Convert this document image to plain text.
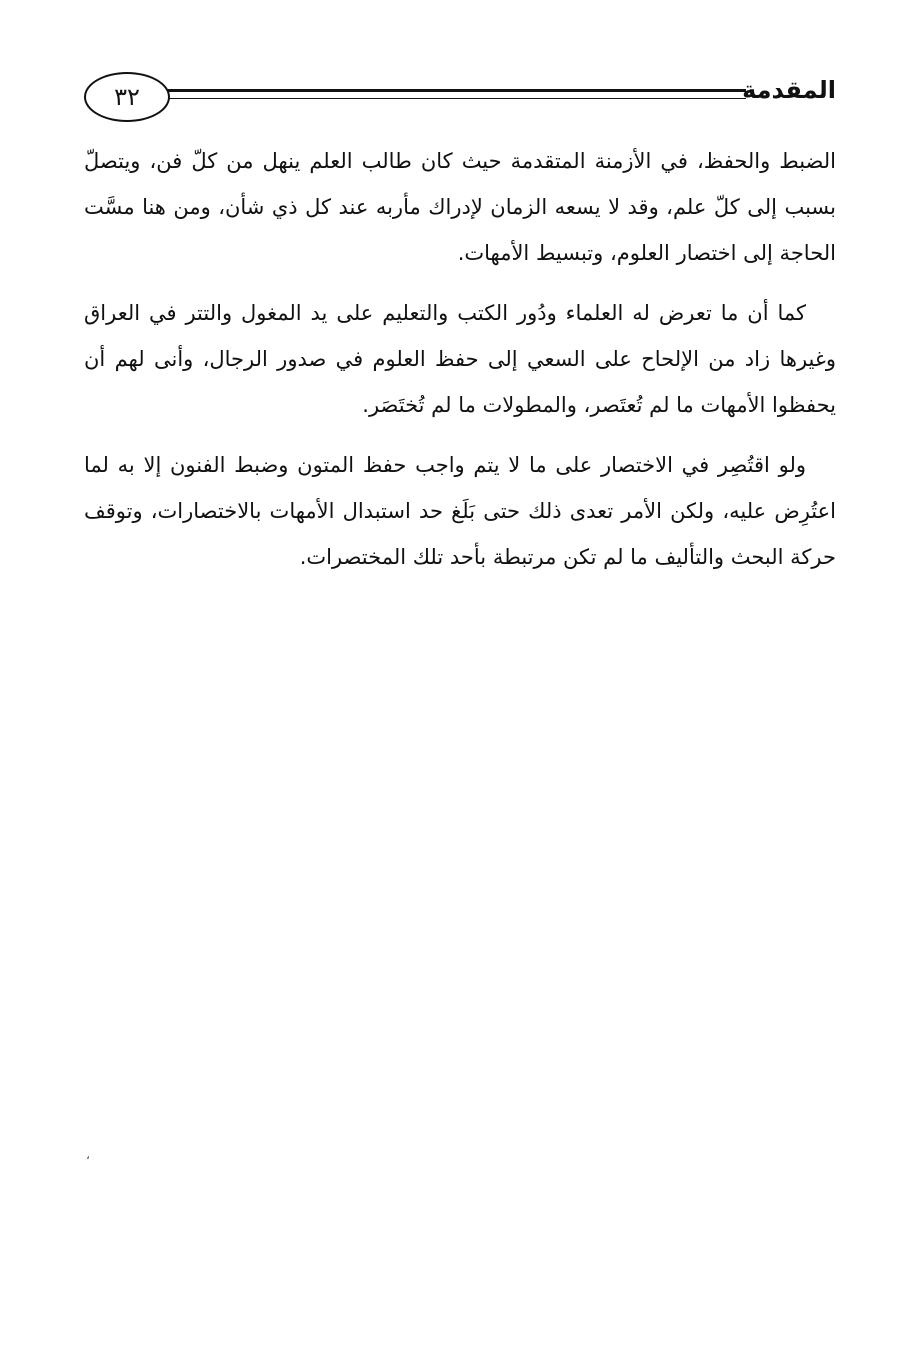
٣٢	المقدمة

الضبط والحفظ، في الأزمنة المتقدمة حيث كان طالب العلم ينهل من كلّ فن، ويتصلّ بسبب إلى كلّ علم، وقد لا يسعه الزمان لإدراك مأربه عند كل ذي شأن، ومن هنا مسَّت الحاجة إلى اختصار العلوم، وتبسيط الأمهات.

كما أن ما تعرض له العلماء ودُور الكتب والتعليم على يد المغول والتتر في العراق وغيرها زاد من الإلحاح على السعي إلى حفظ العلوم في صدور الرجال، وأنى لهم أن يحفظوا الأمهات ما لم تُعتَصر، والمطولات ما لم تُختَصَر.

ولو اقتُصِر في الاختصار على ما لا يتم واجب حفظ المتون وضبط الفنون إلا به لما اعتُرِض عليه، ولكن الأمر تعدى ذلك حتى بَلَغ حد استبدال الأمهات بالاختصارات، وتوقف حركة البحث والتأليف ما لم تكن مرتبطة بأحد تلك المختصرات.

،
